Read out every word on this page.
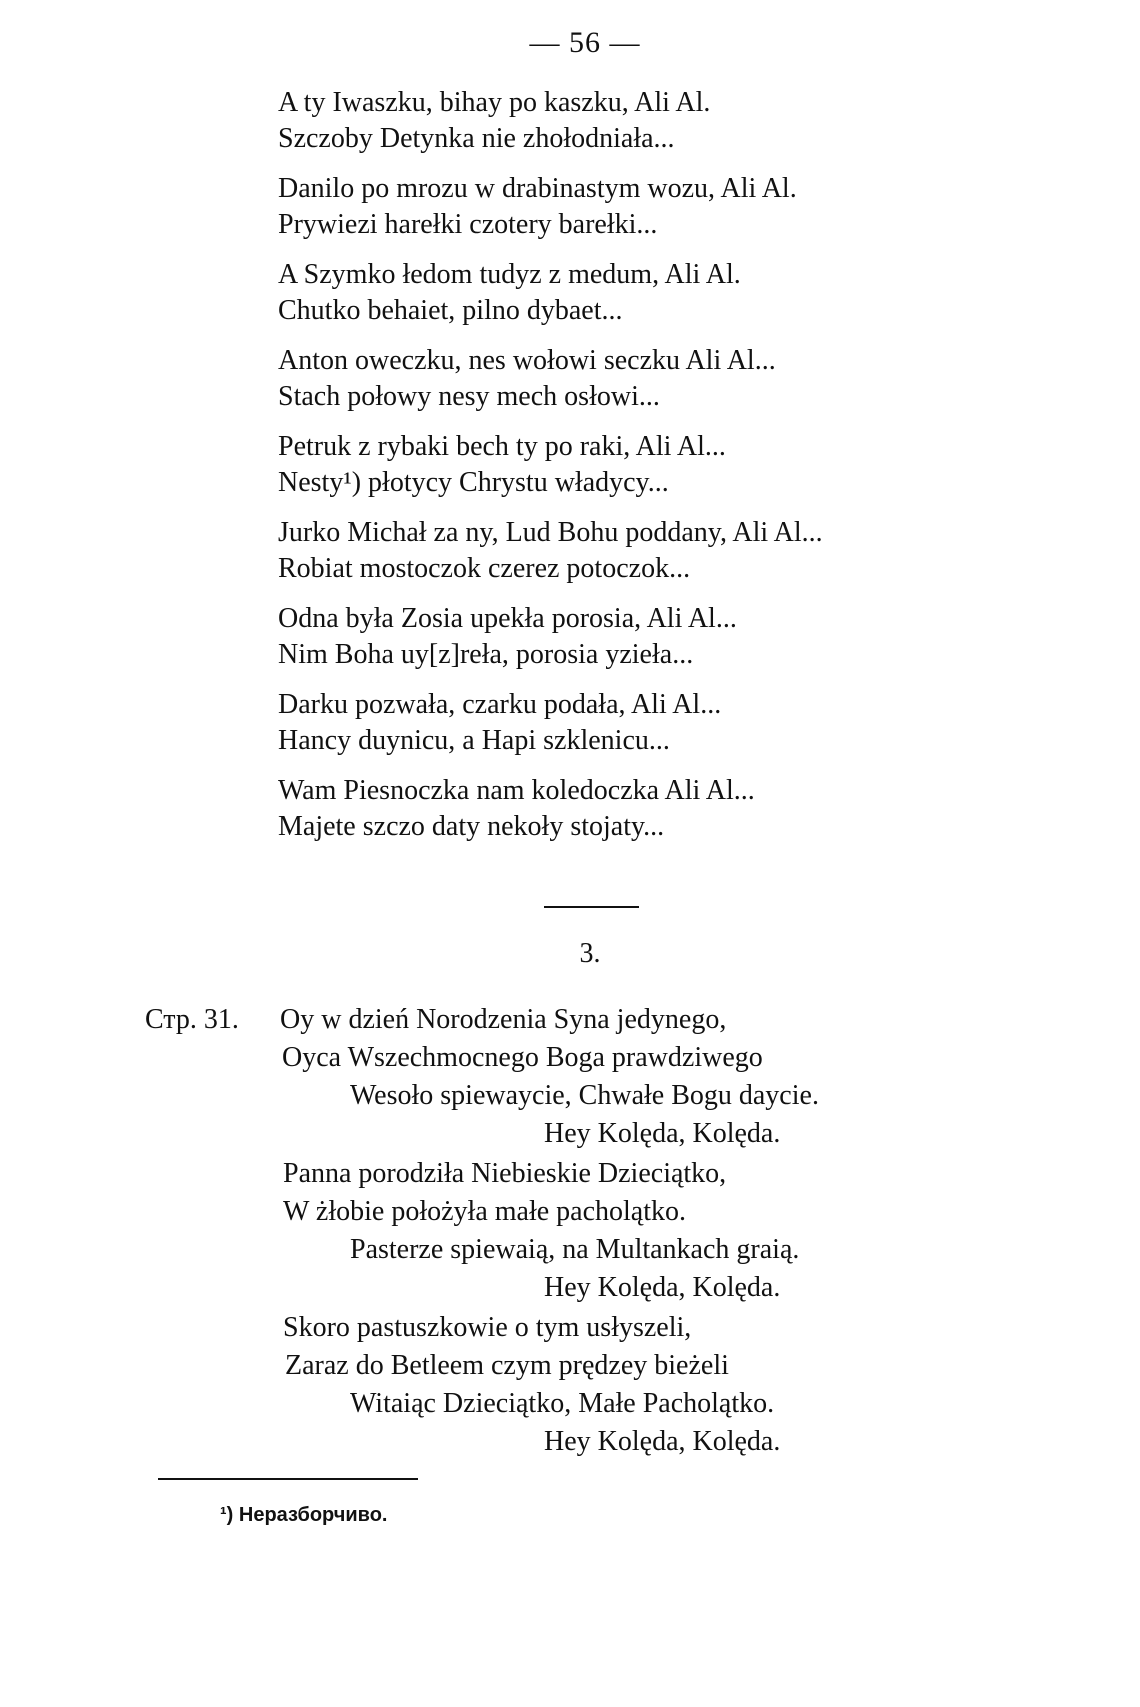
— 56 —
A ty Iwaszku, bihay po kaszku, Ali Al.
Szczoby Detynka nie zhołodniała...
Danilo po mrozu w drabinastym wozu, Ali Al.
Prywiezi harełki czotery barełki...
A Szymko łedom tudyz z medum, Ali Al.
Chutko behaiet, pilno dybaet...
Anton oweczku, nes wołowi seczku Ali Al...
Stach połowy nesy mech osłowi...
Petruk z rybaki bech ty po raki, Ali Al...
Nesty¹) płotycy Chrystu władycy...
Jurko Michał za ny, Lud Bohu poddany, Ali Al...
Robiat mostoczok czerez potoczok...
Odna była Zosia upekła porosia, Ali Al...
Nim Boha uy[z]reła, porosia yzieła...
Darku pozwała, czarku podała, Ali Al...
Hancy duynicu, a Hapi szklenicu...
Wam Piesnoczka nam koledoczka Ali Al...
Majete szczo daty nekoły stojaty...
3.
Стр. 31. Oy w dzień Norodzenia Syna jedynego,
Oyca Wszechmocnego Boga prawdziwego
Wesoło spiewaycie, Chwałe Bogu daycie.
Hey Kolęda, Kolęda.
Panna porodziła Niebieskie Dzieciątko,
W żłobie położyła małe pacholątko.
Pasterze spiewaią, na Multankach graią.
Hey Kolęda, Kolęda.
Skoro pastuszkowie o tym usłyszeli,
Zaraz do Betleem czym prędzey bieżeli
Witaiąc Dzieciątko, Małe Pacholątko.
Hey Kolęda, Kolęda.
¹) Неразборчиво.
